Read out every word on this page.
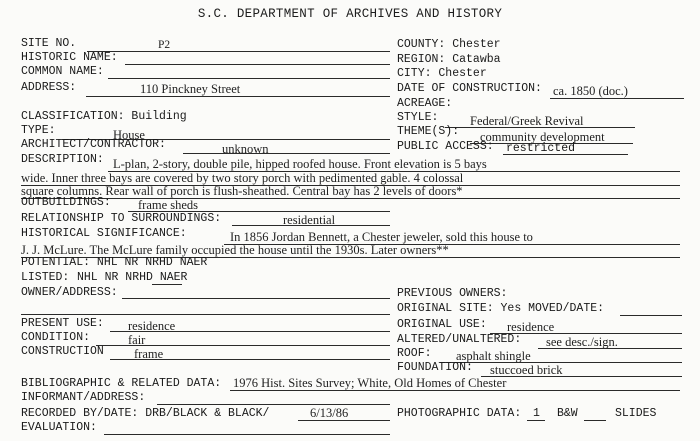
S.C. DEPARTMENT OF ARCHIVES AND HISTORY
SITE NO.	P2
HISTORIC NAME:
COMMON NAME:
ADDRESS:	110 Pinckney Street
CLASSIFICATION: Building
TYPE:	House
ARCHITECT/CONTRACTOR:	unknown
COUNTY: Chester
REGION: Catawba
CITY: Chester
DATE OF CONSTRUCTION: ca. 1850 (doc.)
ACREAGE:
STYLE:	Federal/Greek Revival
THEME(S): community development
PUBLIC ACCESS: restricted
DESCRIPTION: L-plan, 2-story, double pile, hipped roofed house. Front elevation is 5 bays
wide. Inner three bays are covered by two story porch with pedimented gable. 4 colossal
square columns. Rear wall of porch is flush-sheathed. Central bay has 2 levels of doors*
OUTBUILDINGS: frame sheds
RELATIONSHIP TO SURROUNDINGS:	residential
HISTORICAL SIGNIFICANCE:	In 1856 Jordan Bennett, a Chester jeweler, sold this house to
J. J. McLure. The McLure family occupied the house until the 1930s. Later owners**
POTENTIAL: NHL NR NRHD NAER
LISTED: NHL NR NRHD NAER
OWNER/ADDRESS:	PREVIOUS OWNERS:
ORIGINAL SITE: Yes MOVED/DATE:
PRESENT USE: residence	ORIGINAL USE: residence
CONDITION:	fair	ALTERED/UNALTERED: see desc./sign.
CONSTRUCTION frame	ROOF: asphalt shingle
FOUNDATION: stuccoed brick
BIBLIOGRAPHIC & RELATED DATA: 1976 Hist. Sites Survey; White, Old Homes of Chester
INFORMANT/ADDRESS:
RECORDED BY/DATE: DRB/BLACK & BLACK/	6/13/86	PHOTOGRAPHIC DATA: 1 B&W	SLIDES
EVALUATION:
